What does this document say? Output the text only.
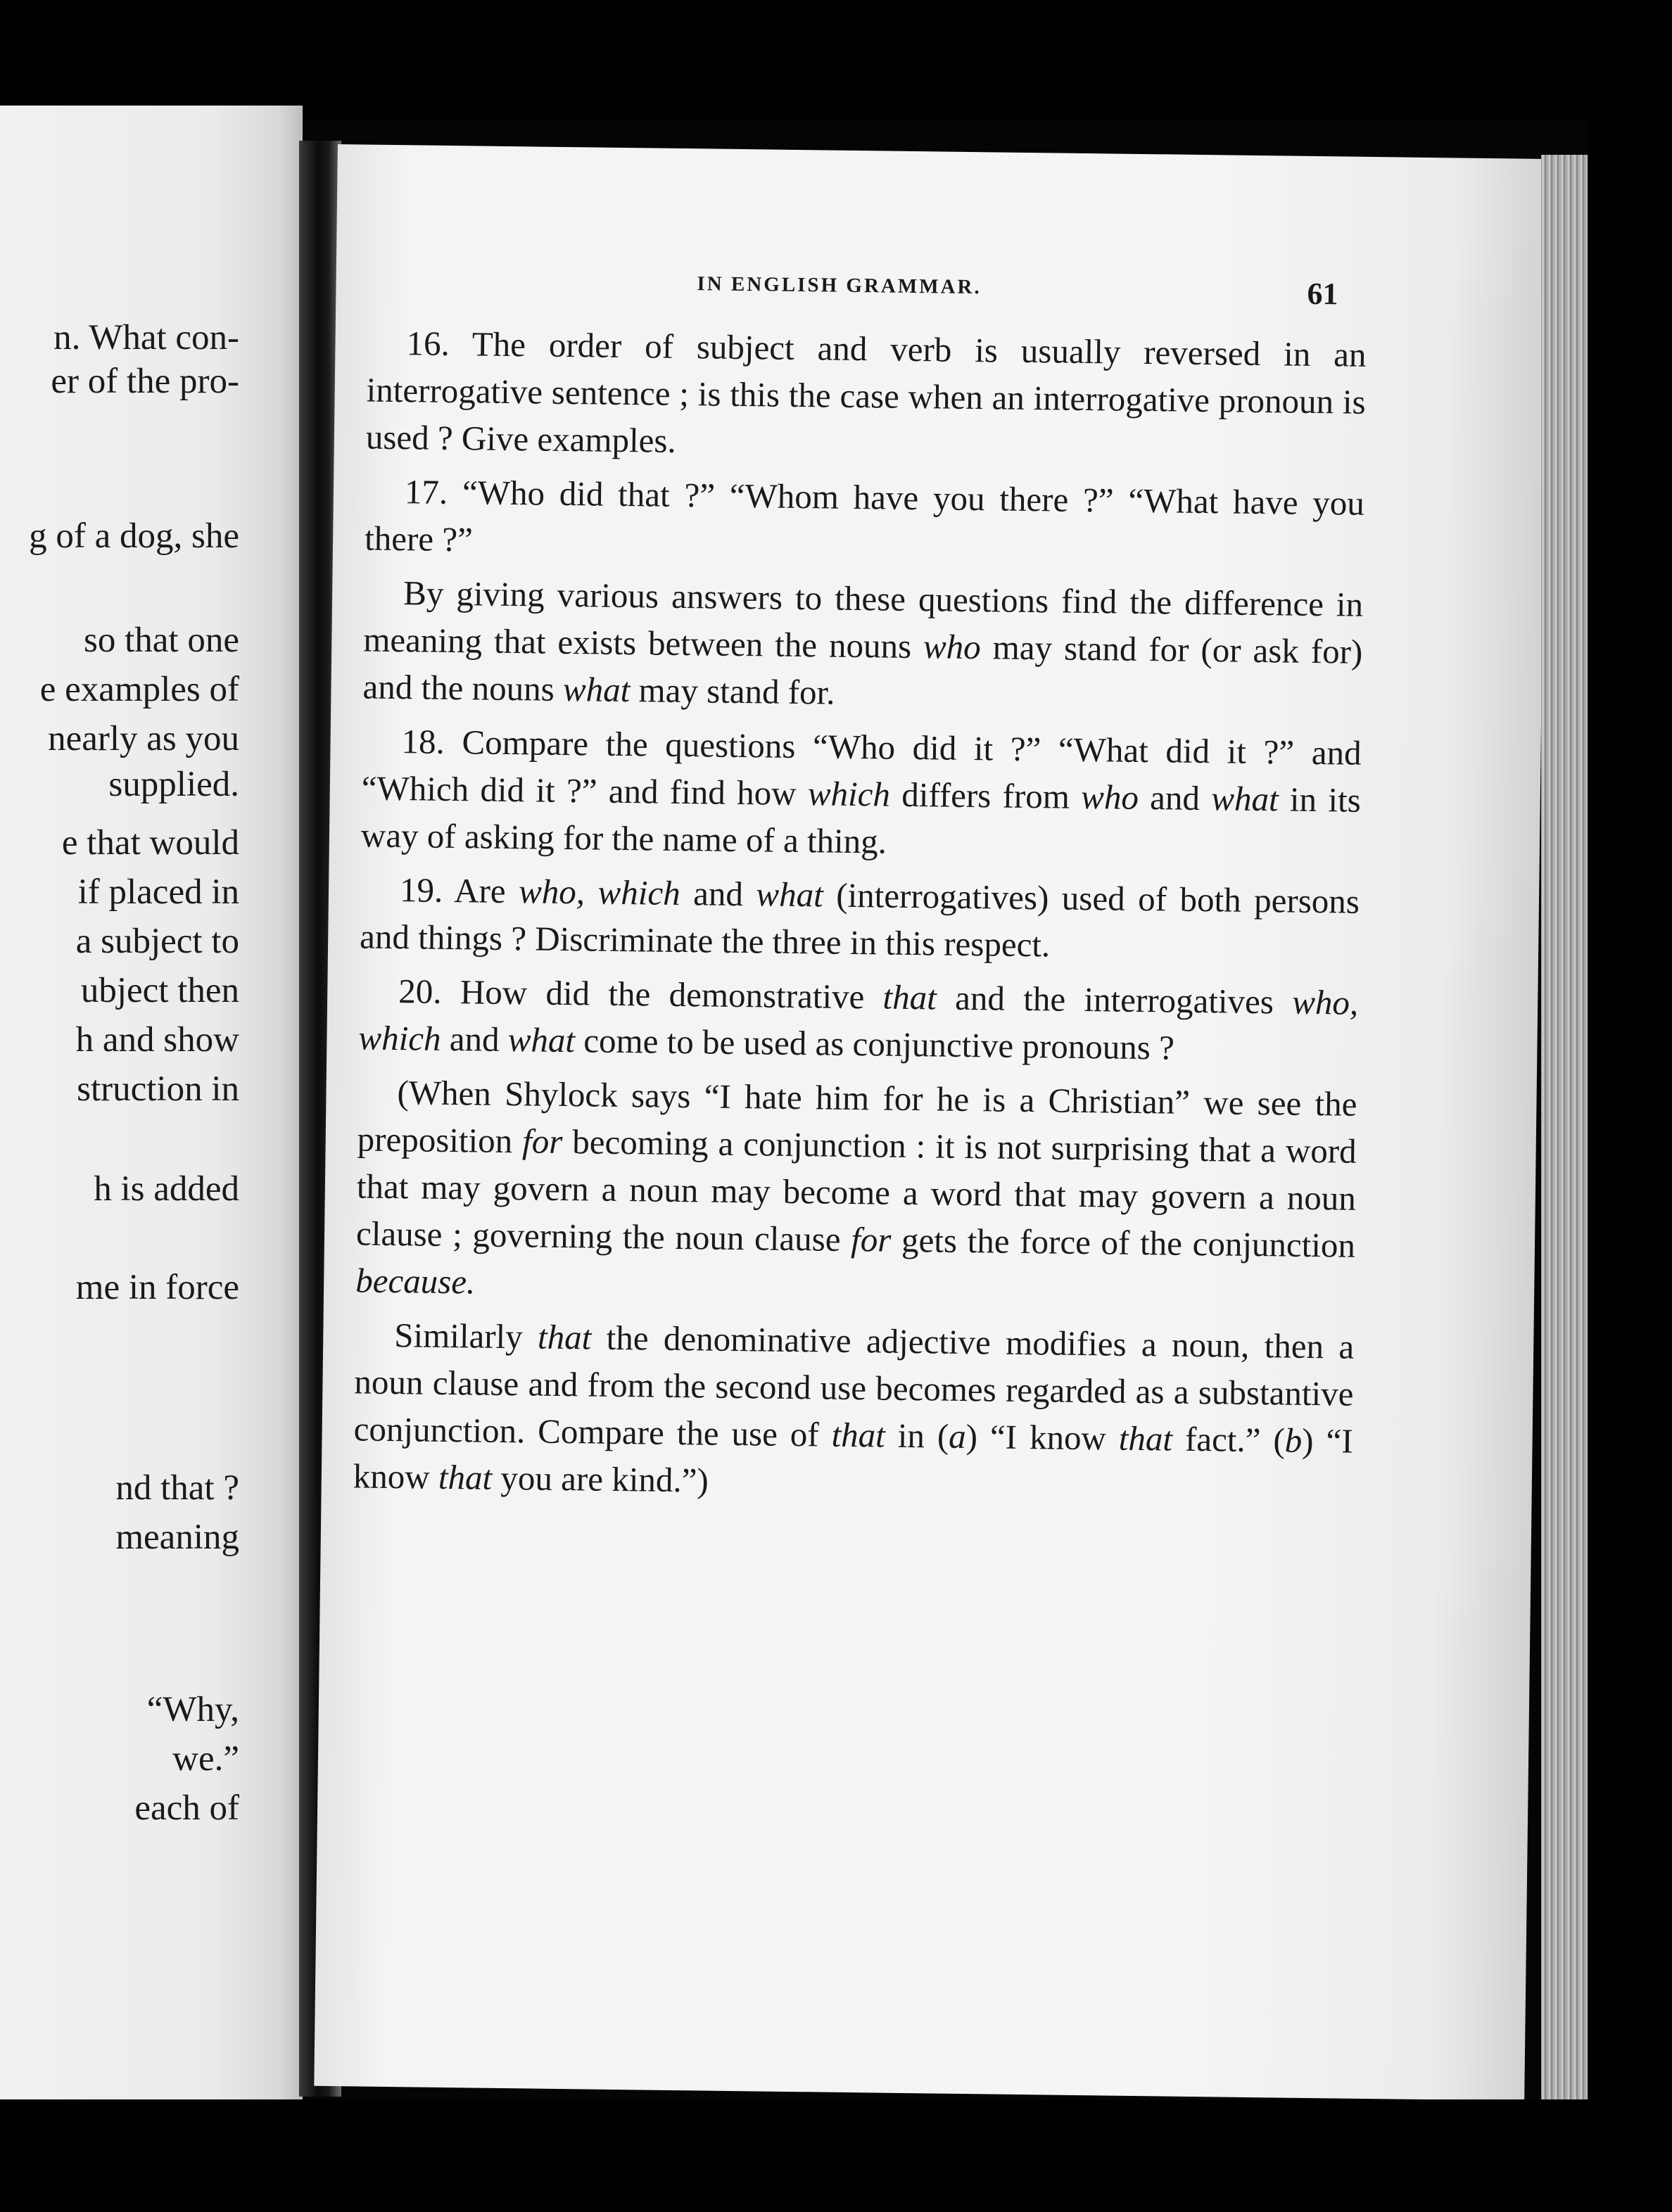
n. What con-
er of the pro-
g of a dog, she
so that one
e examples of
nearly as you
supplied.
e that would
if placed in
a subject to
ubject then
h and show
struction in
h is added
me in force
nd that ?
meaning
“Why,
we.”
each of
IN ENGLISH GRAMMAR.	61

16. The order of subject and verb is usually reversed in an interrogative sentence ; is this the case when an interrogative pronoun is used ? Give examples.

17. “Who did that ?” “Whom have you there ?” “What have you there ?”

By giving various answers to these questions find the difference in meaning that exists between the nouns who may stand for (or ask for) and the nouns what may stand for.

18. Compare the questions “Who did it ?” “What did it ?” and “Which did it ?” and find how which differs from who and what in its way of asking for the name of a thing.

19. Are who, which and what (interrogatives) used of both persons and things ? Discriminate the three in this respect.

20. How did the demonstrative that and the interrogatives who, which and what come to be used as conjunctive pronouns ?

(When Shylock says “I hate him for he is a Christian” we see the preposition for becoming a conjunction : it is not surprising that a word that may govern a noun may become a word that may govern a noun clause ; governing the noun clause for gets the force of the conjunction because.

Similarly that the denominative adjective modifies a noun, then a noun clause and from the second use becomes regarded as a substantive conjunction. Compare the use of that in (a) “I know that fact.” (b) “I know that you are kind.”)
